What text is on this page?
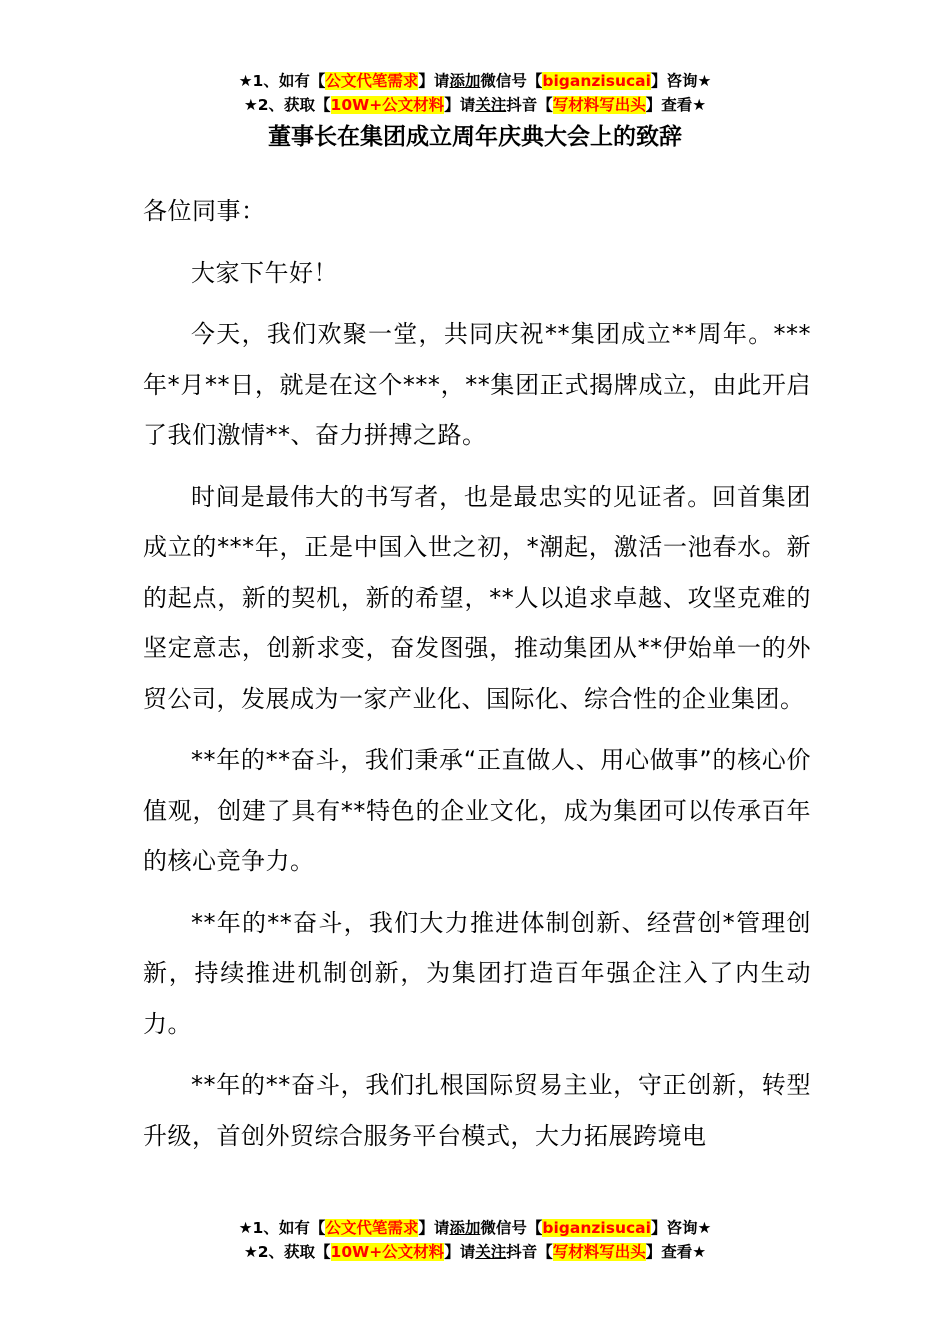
★1、如有【公文代笔需求】请添加微信号【biganzisucai】咨询★
★2、获取【10W+公文材料】请关注抖音【写材料写出头】查看★
董事长在集团成立周年庆典大会上的致辞

各位同事：

大家下午好！

今天，我们欢聚一堂，共同庆祝**集团成立**周年。***年*月**日，就是在这个***，**集团正式揭牌成立，由此开启了我们激情**、奋力拼搏之路。

时间是最伟大的书写者，也是最忠实的见证者。回首集团成立的***年，正是中国入世之初，*潮起，激活一池春水。新的起点，新的契机，新的希望，**人以追求卓越、攻坚克难的坚定意志，创新求变，奋发图强，推动集团从**伊始单一的外贸公司，发展成为一家产业化、国际化、综合性的企业集团。

**年的**奋斗，我们秉承“正直做人、用心做事”的核心价值观，创建了具有**特色的企业文化，成为集团可以传承百年的核心竞争力。

**年的**奋斗，我们大力推进体制创新、经营创*管理创新，持续推进机制创新，为集团打造百年强企注入了内生动力。

**年的**奋斗，我们扎根国际贸易主业，守正创新，转型升级，首创外贸综合服务平台模式，大力拓展跨境电

★1、如有【公文代笔需求】请添加微信号【biganzisucai】咨询★
★2、获取【10W+公文材料】请关注抖音【写材料写出头】查看★
